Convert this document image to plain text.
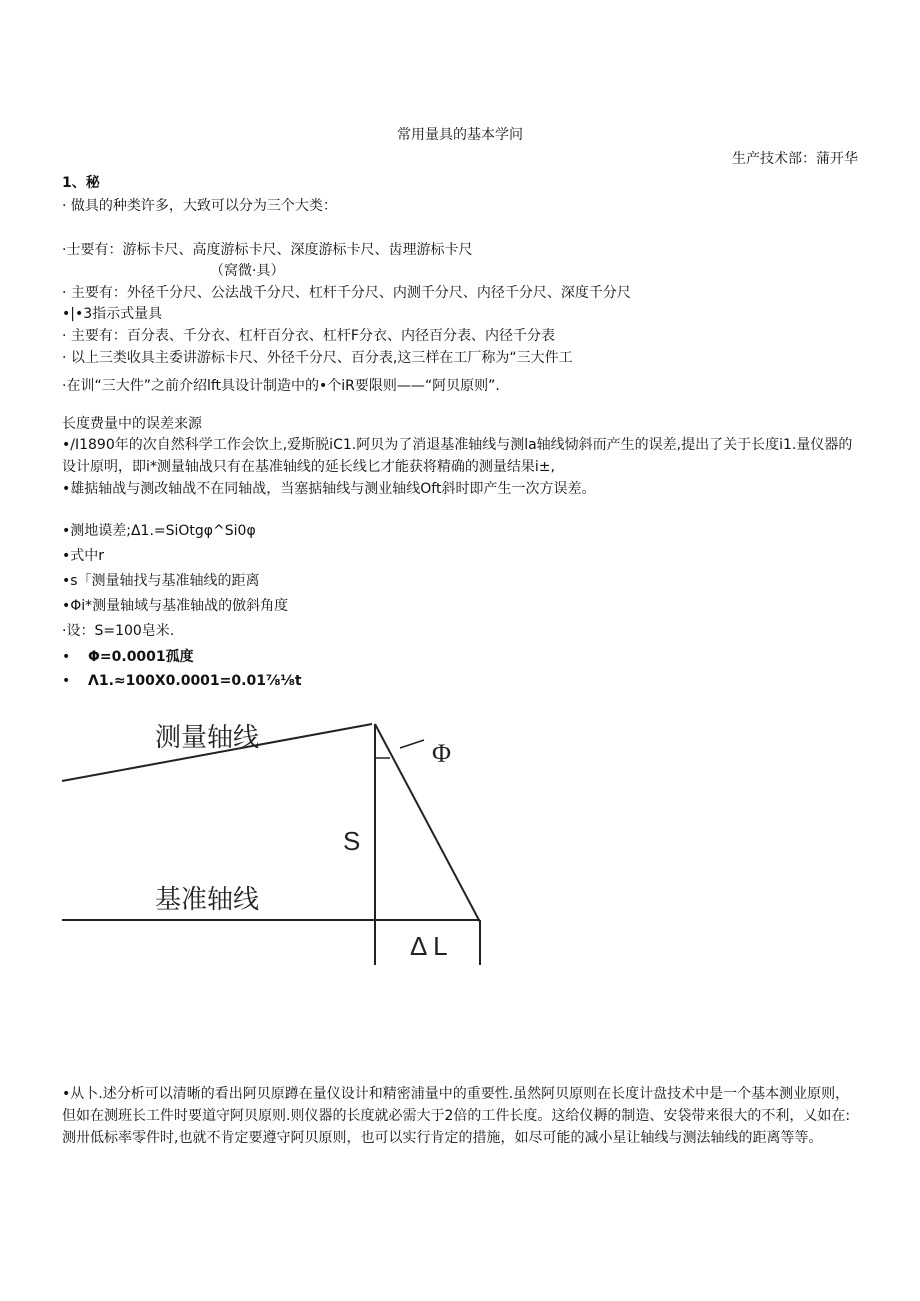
常用量具的基本学问
生产技术部：蒲开华
1、秘
· 做具的种类许多，大致可以分为三个大类：
·士要有：游标卡尺、高度游标卡尺、深度游标卡尺、齿理游标卡尺
（窝微·具）
· 主要有：外径千分尺、公法战千分尺、杠杆千分尺、内测千分尺、内径千分尺、深度千分尺
•|•3指示式量具
· 主要有：百分表、千分衣、杠杆百分衣、杠杆F分衣、内径百分表、内径千分表
· 以上三类收具主委讲游标卡尺、外径千分尺、百分表,这三样在工厂称为“三大件工
·在训“三大件”之前介绍lft具设计制造中的•个iR要限则——“阿贝原则”.
长度费量中的误差来源
•/I1890年的次自然科学工作会饮上,爱斯脱iC1.阿贝为了消退基准轴线与测la轴线恸斜而产生的误差,提出了关于长度i1.量仪器的设计原明，即i*测量轴战只有在基准轴线的延长线匕才能获将精确的测量结果i±,
•雄掂轴战与测改轴战不在同轴战，当塞掂轴线与测业轴线Oft斜时即产生一次方误差。
•测地谟差;Δ1.=SiOtgφ^Si0φ
•式中r
•s「测量轴找与基准轴线的距离
•Φi*测量轴域与基准轴战的倣斜角度
·设：S=100皂米.
• Φ=0.0001孤度
• Λ1.≈100X0.0001=0.01⅞⅛t
测量轴线
基准轴线
S
Φ
Δ L
•从卜.述分析可以清晰的看出阿贝原蹲在量仪设计和精密浦量中的重要性.虽然阿贝原则在长度计盘技术中是一个基本测业原则，但如在测班长工件时要道守阿贝原则.则仪器的长度就必需大于2倍的工件长度。这给仪耨的制造、安袋带来很大的不利，乂如在:测卅低标率零件时,也就不肯定要遵守阿贝原则，也可以实行肯定的措施，如尽可能的减小星让轴线与测法轴线的距离等等。
